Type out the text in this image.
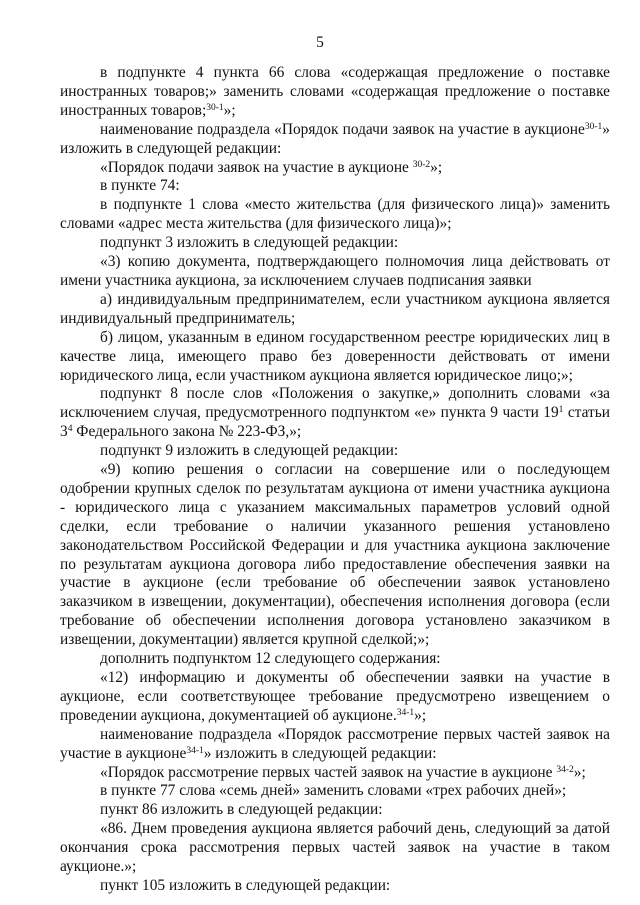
5

в подпункте 4 пункта 66 слова «содержащая предложение о поставке иностранных товаров;» заменить словами «содержащая предложение о поставке иностранных товаров;$^{30-1}$»;

наименование подраздела «Порядок подачи заявок на участие в аукционе$^{30-1}$» изложить в следующей редакции:

«Порядок подачи заявок на участие в аукционе $^{30-2}$»;

в пункте 74:

в подпункте 1 слова «место жительства (для физического лица)» заменить словами «адрес места жительства (для физического лица)»;

подпункт 3 изложить в следующей редакции:

«3) копию документа, подтверждающего полномочия лица действовать от имени участника аукциона, за исключением случаев подписания заявки

а) индивидуальным предпринимателем, если участником аукциона является индивидуальный предприниматель;

б) лицом, указанным в едином государственном реестре юридических лиц в качестве лица, имеющего право без доверенности действовать от имени юридического лица, если участником аукциона является юридическое лицо;»;

подпункт 8 после слов «Положения о закупке,» дополнить словами «за исключением случая, предусмотренного подпунктом «е» пункта 9 части $19^1$ статьи $3^4$ Федерального закона № 223-ФЗ,»;

подпункт 9 изложить в следующей редакции:

«9) копию решения о согласии на совершение или о последующем одобрении крупных сделок по результатам аукциона от имени участника аукциона - юридического лица с указанием максимальных параметров условий одной сделки, если требование о наличии указанного решения установлено законодательством Российской Федерации и для участника аукциона заключение по результатам аукциона договора либо предоставление обеспечения заявки на участие в аукционе (если требование об обеспечении заявок установлено заказчиком в извещении, документации), обеспечения исполнения договора (если требование об обеспечении исполнения договора установлено заказчиком в извещении, документации) является крупной сделкой;»;

дополнить подпунктом 12 следующего содержания:

«12) информацию и документы об обеспечении заявки на участие в аукционе, если соответствующее требование предусмотрено извещением о проведении аукциона, документацией об аукционе.$^{34-1}$»;

наименование подраздела «Порядок рассмотрение первых частей заявок на участие в аукционе$^{34-1}$» изложить в следующей редакции:

«Порядок рассмотрение первых частей заявок на участие в аукционе $^{34-2}$»;

в пункте 77 слова «семь дней» заменить словами «трех рабочих дней»;

пункт 86 изложить в следующей редакции:

«86. Днем проведения аукциона является рабочий день, следующий за датой окончания срока рассмотрения первых частей заявок на участие в таком аукционе.»;

пункт 105 изложить в следующей редакции:
